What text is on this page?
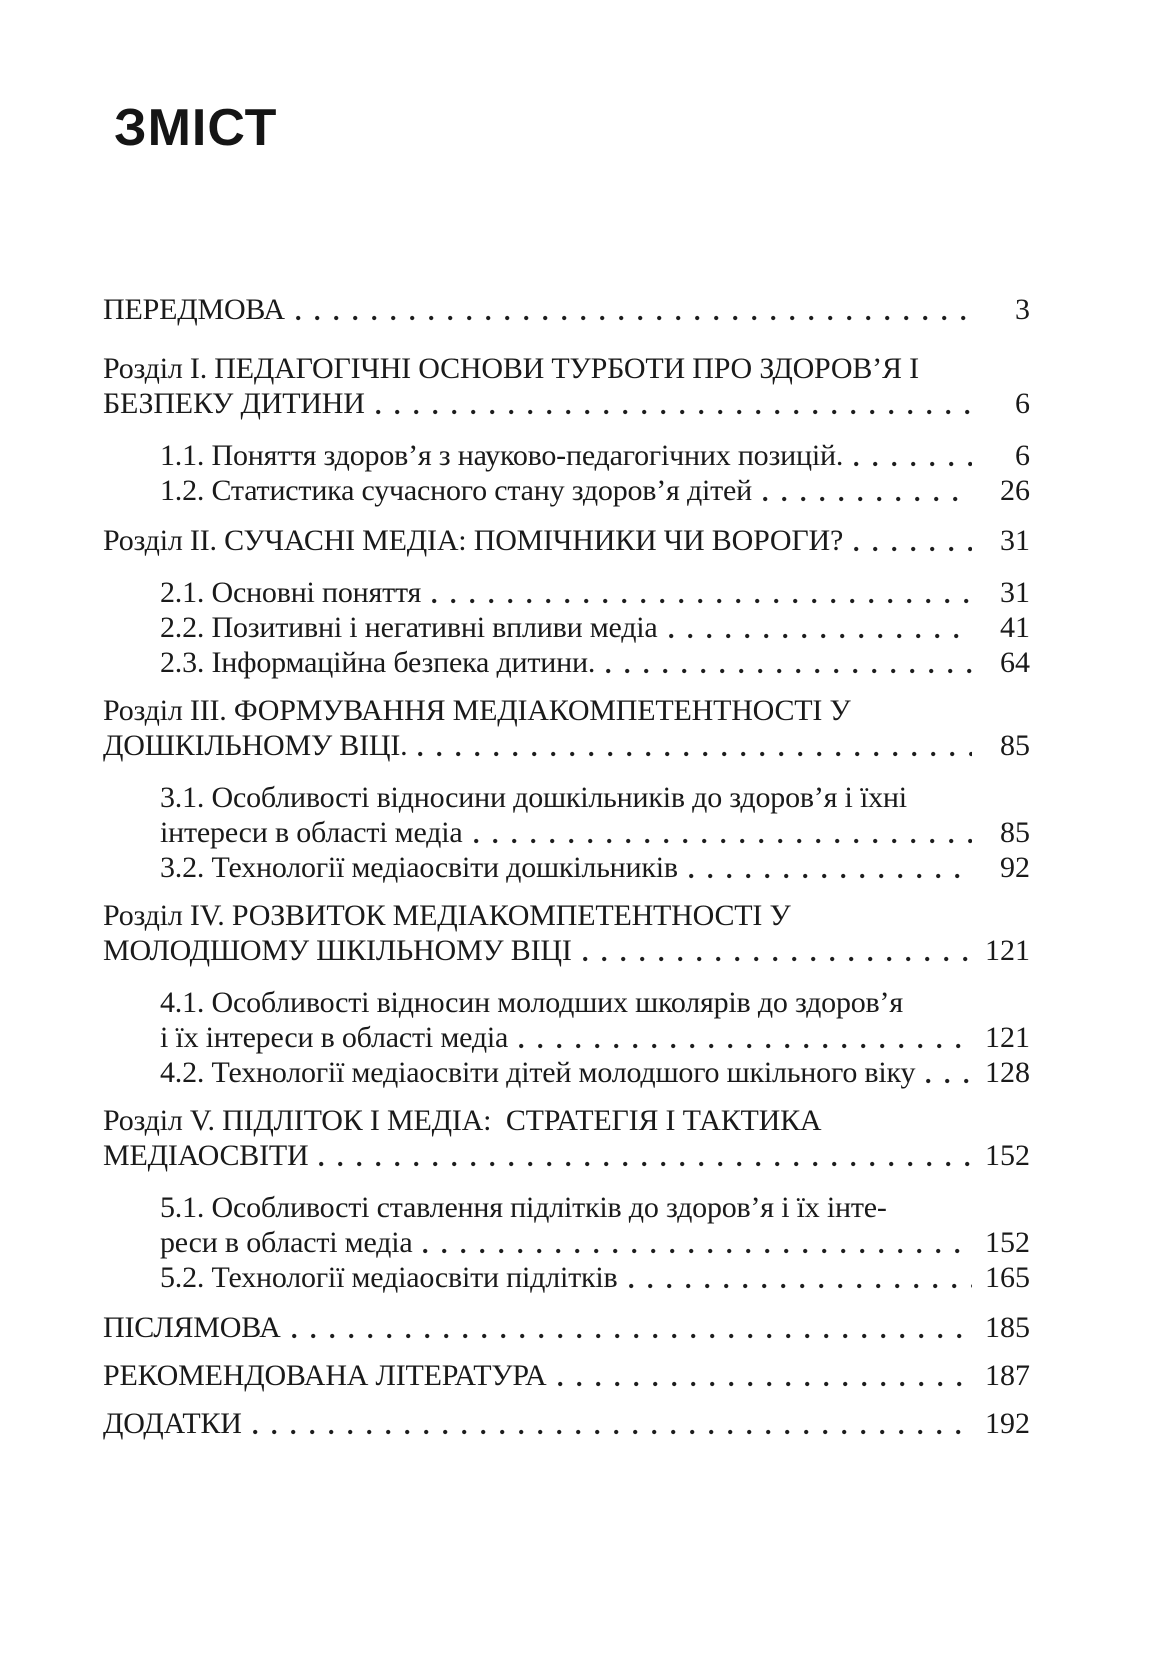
ЗМІСТ
ПЕРЕДМОВА	3
Розділ I. ПЕДАГОГІЧНІ ОСНОВИ ТУРБОТИ ПРО ЗДОРОВ’Я І
БЕЗПЕКУ ДИТИНИ	6
1.1. Поняття здоров’я з науково-педагогічних позицій.	6
1.2. Статистика сучасного стану здоров’я дітей	26
Розділ II. СУЧАСНІ МЕДІА: ПОМІЧНИКИ ЧИ ВОРОГИ?	31
2.1. Основні поняття	31
2.2. Позитивні і негативні впливи медіа	41
2.3. Інформаційна безпека дитини.	64
Розділ III. ФОРМУВАННЯ МЕДІАКОМПЕТЕНТНОСТІ У
ДОШКІЛЬНОМУ ВІЦІ.	85
3.1. Особливості відносини дошкільників до здоров’я і їхні
інтереси в області медіа	85
3.2. Технології медіаосвіти дошкільників	92
Розділ IV. РОЗВИТОК МЕДІАКОМПЕТЕНТНОСТІ У
МОЛОДШОМУ ШКІЛЬНОМУ ВІЦІ	121
4.1. Особливості відносин молодших школярів до здоров’я
і їх інтереси в області медіа	121
4.2. Технології медіаосвіти дітей молодшого шкільного віку 128
Розділ V. ПІДЛІТОК І МЕДІА:  СТРАТЕГІЯ І ТАКТИКА
МЕДІАОСВІТИ	152
5.1. Особливості ставлення підлітків до здоров’я і їх інте-
реси в області медіа	152
5.2. Технології медіаосвіти підлітків	165
ПІСЛЯМОВА	185
РЕКОМЕНДОВАНА ЛІТЕРАТУРА	187
ДОДАТКИ	192
